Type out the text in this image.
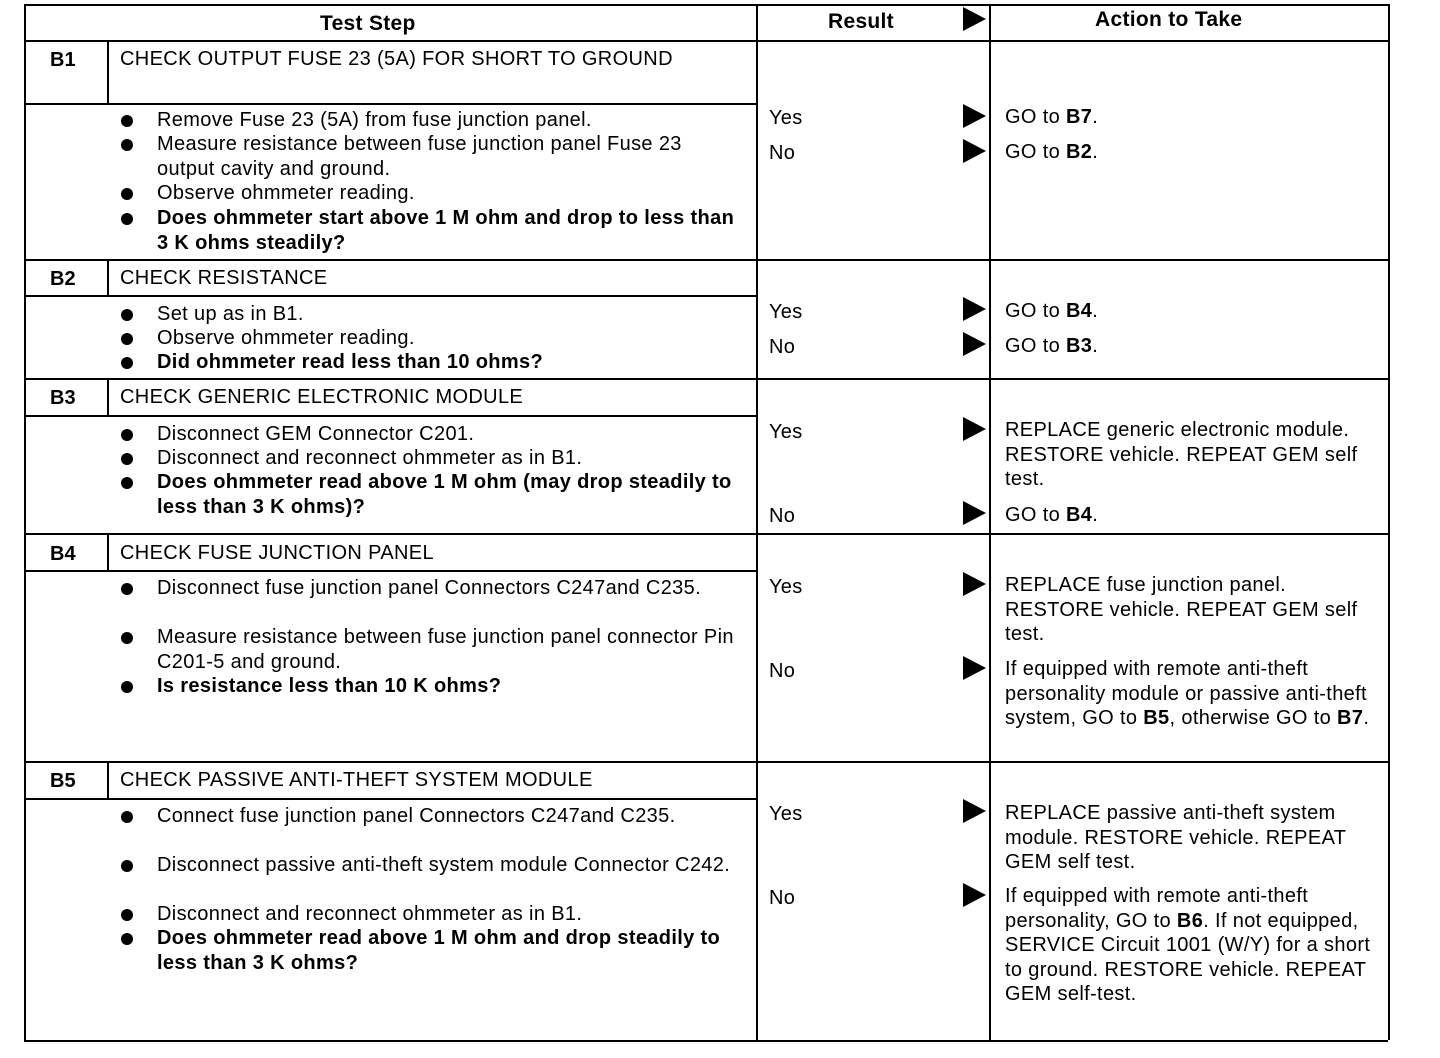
Test Step	Result	Action to Take
B1 CHECK OUTPUT FUSE 23 (5A) FOR SHORT TO GROUND
Remove Fuse 23 (5A) from fuse junction panel.
Measure resistance between fuse junction panel Fuse 23 output cavity and ground.
Observe ohmmeter reading.
Does ohmmeter start above 1 M ohm and drop to less than 3 K ohms steadily?
Yes	GO to B7.
No	GO to B2.
B2 CHECK RESISTANCE
Set up as in B1.
Observe ohmmeter reading.
Did ohmmeter read less than 10 ohms?
Yes	GO to B4.
No	GO to B3.
B3 CHECK GENERIC ELECTRONIC MODULE
Disconnect GEM Connector C201.
Disconnect and reconnect ohmmeter as in B1.
Does ohmmeter read above 1 M ohm (may drop steadily to less than 3 K ohms)?
Yes	REPLACE generic electronic module. RESTORE vehicle. REPEAT GEM self test.
No	GO to B4.
B4 CHECK FUSE JUNCTION PANEL
Disconnect fuse junction panel Connectors C247and C235.
Measure resistance between fuse junction panel connector Pin C201-5 and ground.
Is resistance less than 10 K ohms?
Yes	REPLACE fuse junction panel. RESTORE vehicle. REPEAT GEM self test.
No	If equipped with remote anti-theft personality module or passive anti-theft system, GO to B5, otherwise GO to B7.
B5 CHECK PASSIVE ANTI-THEFT SYSTEM MODULE
Connect fuse junction panel Connectors C247and C235.
Disconnect passive anti-theft system module Connector C242.
Disconnect and reconnect ohmmeter as in B1.
Does ohmmeter read above 1 M ohm and drop steadily to less than 3 K ohms?
Yes	REPLACE passive anti-theft system module. RESTORE vehicle. REPEAT GEM self test.
No	If equipped with remote anti-theft personality, GO to B6. If not equipped, SERVICE Circuit 1001 (W/Y) for a short to ground. RESTORE vehicle. REPEAT GEM self-test.
